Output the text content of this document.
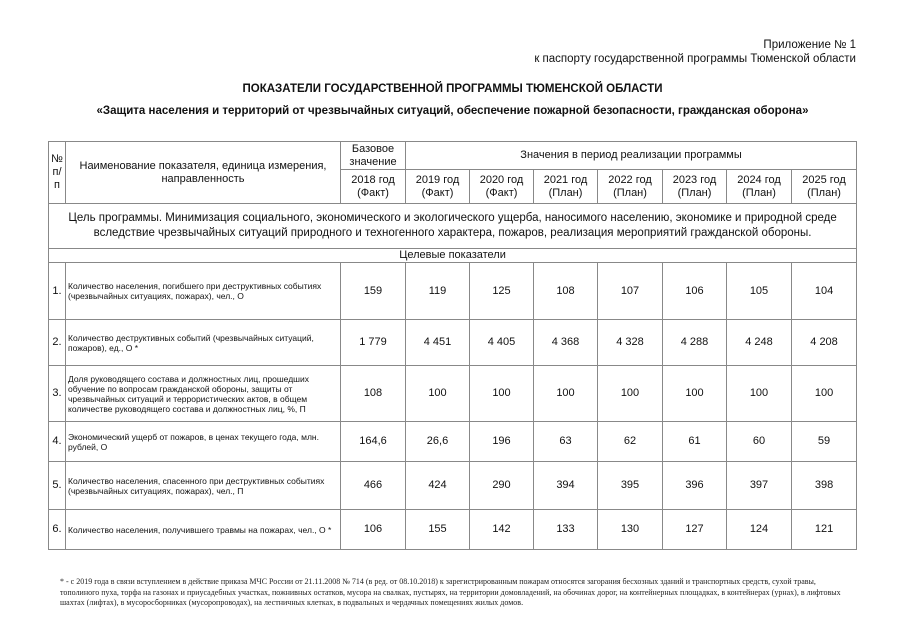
Приложение № 1
к паспорту государственной программы Тюменской области
ПОКАЗАТЕЛИ ГОСУДАРСТВЕННОЙ ПРОГРАММЫ ТЮМЕНСКОЙ ОБЛАСТИ
«Защита населения и территорий от чрезвычайных ситуаций, обеспечение пожарной безопасности, гражданская оборона»
№ п/п	Наименование показателя, единица измерения, направленность	Базовое значение	Значения в период реализации программы						
		2018 год (Факт)	2019 год (Факт)	2020 год (Факт)	2021 год (План)	2022 год (План)	2023 год (План)	2024 год (План)	2025 год (План)
Цель программы. Минимизация социального, экономического и экологического ущерба, наносимого населению, экономике и природной среде вследствие чрезвычайных ситуаций природного и техногенного характера, пожаров, реализация мероприятий гражданской обороны.									
Целевые показатели									
1.	Количество населения, погибшего при деструктивных событиях (чрезвычайных ситуациях, пожарах), чел., О	159	119	125	108	107	106	105	104
2.	Количество деструктивных событий (чрезвычайных ситуаций, пожаров), ед., О *	1 779	4 451	4 405	4 368	4 328	4 288	4 248	4 208
3.	Доля руководящего состава и должностных лиц, прошедших обучение по вопросам гражданской обороны, защиты от чрезвычайных ситуаций и террористических актов, в общем количестве руководящего состава и должностных лиц, %, П	108	100	100	100	100	100	100	100
4.	Экономический ущерб от пожаров, в ценах текущего года, млн. рублей, О	164,6	26,6	196	63	62	61	60	59
5.	Количество населения, спасенного при деструктивных событиях (чрезвычайных ситуациях, пожарах), чел., П	466	424	290	394	395	396	397	398
6.	Количество населения, получившего травмы на пожарах, чел., О *	106	155	142	133	130	127	124	121
* - с 2019 года в связи вступлением в действие приказа МЧС России от 21.11.2008 № 714 (в ред. от 08.10.2018) к зарегистрированным пожарам относятся загорания бесхозных зданий и транспортных средств, сухой травы, тополиного пуха, торфа на газонах и приусадебных участках, пожнивных остатков, мусора на свалках, пустырях, на территории домовладений, на обочинах дорог, на контейнерных площадках, в контейнерах (урнах), в лифтовых шахтах (лифтах), в мусоросборниках (мусоропроводах), на лестничных клетках, в подвальных и чердачных помещениях жилых домов.
